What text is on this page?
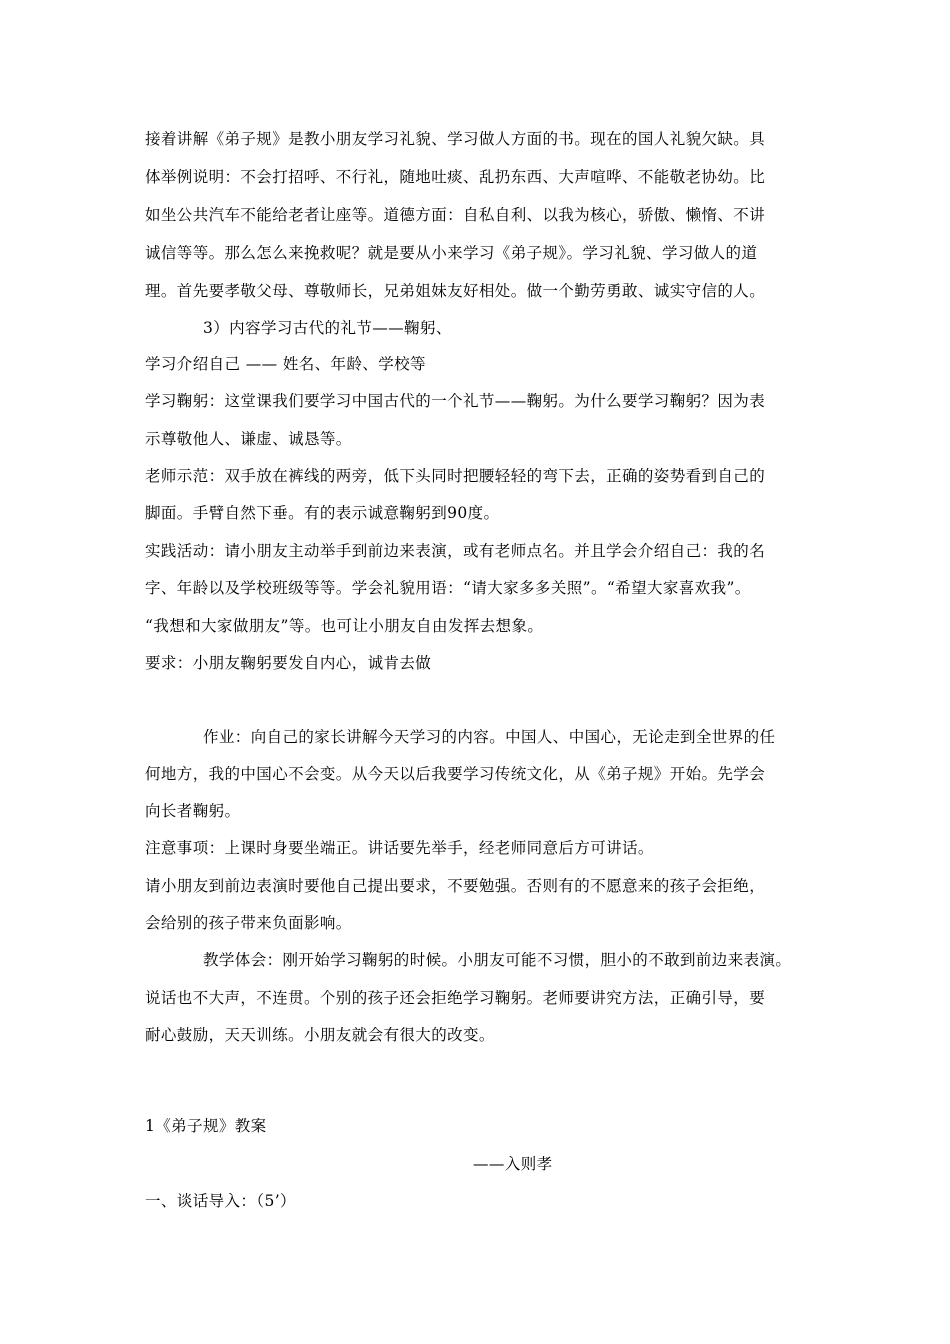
接着讲解《弟子规》是教小朋友学习礼貌、学习做人方面的书。现在的国人礼貌欠缺。具
体举例说明：不会打招呼、不行礼，随地吐痰、乱扔东西、大声喧哗、不能敬老协幼。比
如坐公共汽车不能给老者让座等。道德方面：自私自利、以我为核心，骄傲、懒惰、不讲
诚信等等。那么怎么来挽救呢？就是要从小来学习《弟子规》。学习礼貌、学习做人的道
理。首先要孝敬父母、尊敬师长，兄弟姐妹友好相处。做一个勤劳勇敢、诚实守信的人。
3）内容学习古代的礼节——鞠躬、
学习介绍自己 —— 姓名、年龄、学校等
学习鞠躬：这堂课我们要学习中国古代的一个礼节——鞠躬。为什么要学习鞠躬？因为表
示尊敬他人、谦虚、诚恳等。
老师示范：双手放在裤线的两旁，低下头同时把腰轻轻的弯下去，正确的姿势看到自己的
脚面。手臂自然下垂。有的表示诚意鞠躬到90度。
实践活动：请小朋友主动举手到前边来表演，或有老师点名。并且学会介绍自己：我的名
字、年龄以及学校班级等等。学会礼貌用语：“请大家多多关照”。“希望大家喜欢我”。
“我想和大家做朋友”等。也可让小朋友自由发挥去想象。
要求：小朋友鞠躬要发自内心，诚肯去做
作业：向自己的家长讲解今天学习的内容。中国人、中国心，无论走到全世界的任
何地方，我的中国心不会变。从今天以后我要学习传统文化，从《弟子规》开始。先学会
向长者鞠躬。
注意事项：上课时身要坐端正。讲话要先举手，经老师同意后方可讲话。
请小朋友到前边表演时要他自己提出要求，不要勉强。否则有的不愿意来的孩子会拒绝，
会给别的孩子带来负面影响。
教学体会：刚开始学习鞠躬的时候。小朋友可能不习惯，胆小的不敢到前边来表演。
说话也不大声，不连贯。个别的孩子还会拒绝学习鞠躬。老师要讲究方法，正确引导，要
耐心鼓励，天天训练。小朋友就会有很大的改变。
1《弟子规》教案
——入则孝
一、谈话导入：（5’）
